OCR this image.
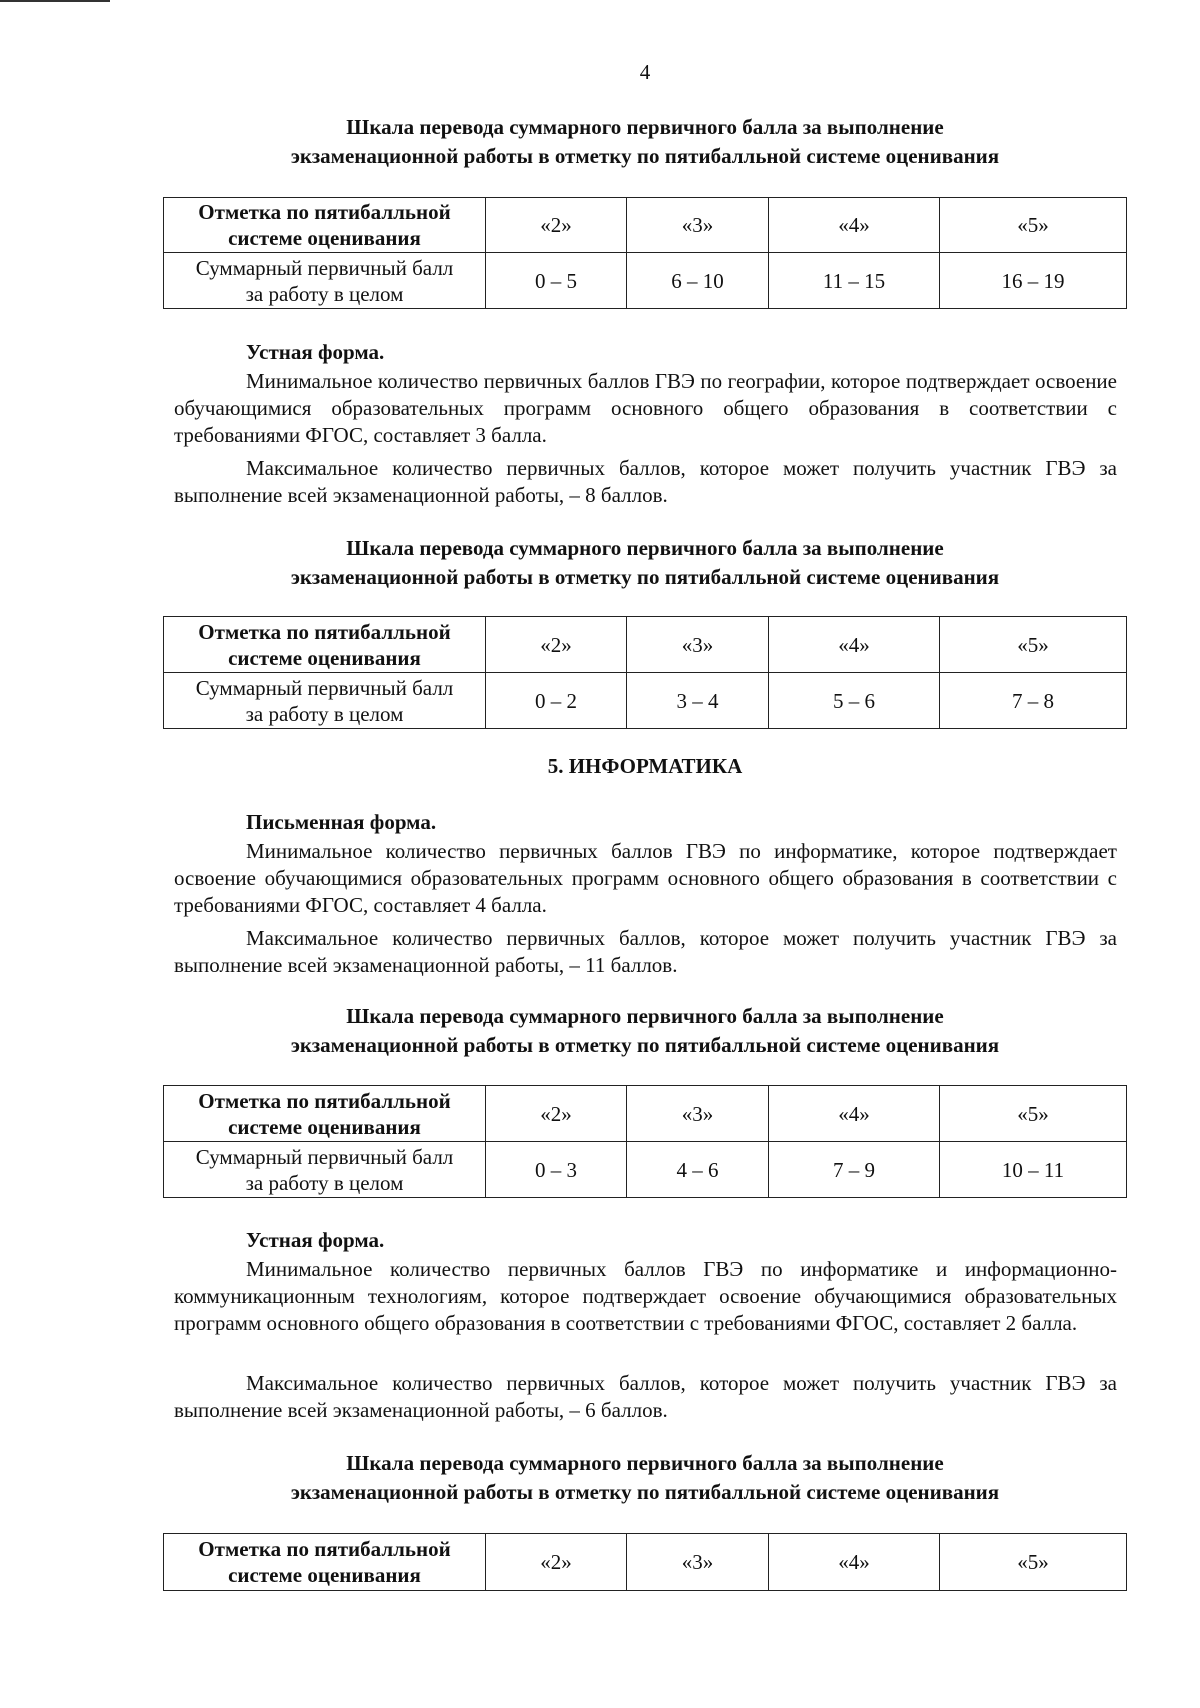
4
Шкала перевода суммарного первичного балла за выполнение
экзаменационной работы в отметку по пятибалльной системе оценивания
Отметка по пятибалльной
системе оценивания	«2»	«3»	«4»	«5»

Суммарный первичный балл
за работу в целом	0 – 5	6 – 10	11 – 15	16 – 19

Устная форма.

Минимальное количество первичных баллов ГВЭ по географии, которое подтверждает освоение обучающимися образовательных программ основного общего образования в соответствии с требованиями ФГОС, составляет 3 балла.

Максимальное количество первичных баллов, которое может получить участник ГВЭ за выполнение всей экзаменационной работы, – 8 баллов.

Шкала перевода суммарного первичного балла за выполнение
экзаменационной работы в отметку по пятибалльной системе оценивания
Отметка по пятибалльной
системе оценивания	«2»	«3»	«4»	«5»

Суммарный первичный балл
за работу в целом	0 – 2	3 – 4	5 – 6	7 – 8
5. ИНФОРМАТИКА

Письменная форма.

Минимальное количество первичных баллов ГВЭ по информатике, которое подтверждает освоение обучающимися образовательных программ основного общего образования в соответствии с требованиями ФГОС, составляет 4 балла.

Максимальное количество первичных баллов, которое может получить участник ГВЭ за выполнение всей экзаменационной работы, – 11 баллов.

Шкала перевода суммарного первичного балла за выполнение
экзаменационной работы в отметку по пятибалльной системе оценивания
Отметка по пятибалльной
системе оценивания	«2»	«3»	«4»	«5»

Суммарный первичный балл
за работу в целом	0 – 3	4 – 6	7 – 9	10 – 11

Устная форма.

Минимальное количество первичных баллов ГВЭ по информатике и информационно-коммуникационным технологиям, которое подтверждает освоение обучающимися образовательных программ основного общего образования в соответствии с требованиями ФГОС, составляет 2 балла.

Максимальное количество первичных баллов, которое может получить участник ГВЭ за выполнение всей экзаменационной работы, – 6 баллов.

Шкала перевода суммарного первичного балла за выполнение
экзаменационной работы в отметку по пятибалльной системе оценивания
Отметка по пятибалльной
системе оценивания
	«2»	«3»	«4»	«5»
